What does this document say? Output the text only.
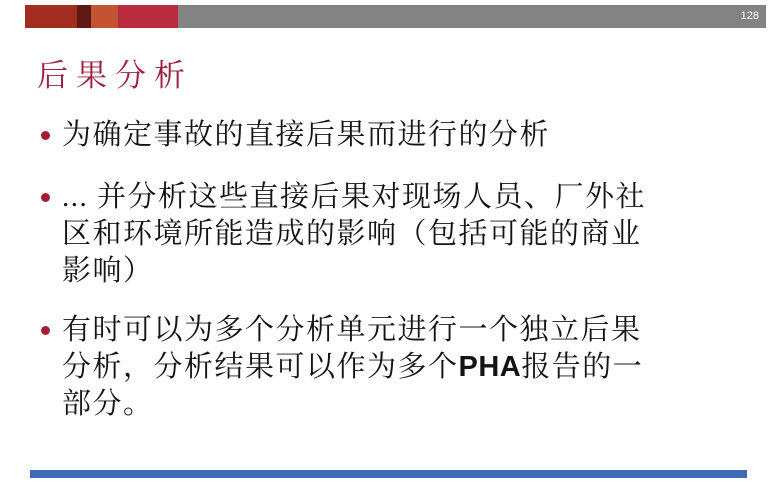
128
后果分析
为确定事故的直接后果而进行的分析
... 并分析这些直接后果对现场人员、厂外社
区和环境所能造成的影响（包括可能的商业
影响）
有时可以为多个分析单元进行一个独立后果
分析，分析结果可以作为多个PHA报告的一
部分。
